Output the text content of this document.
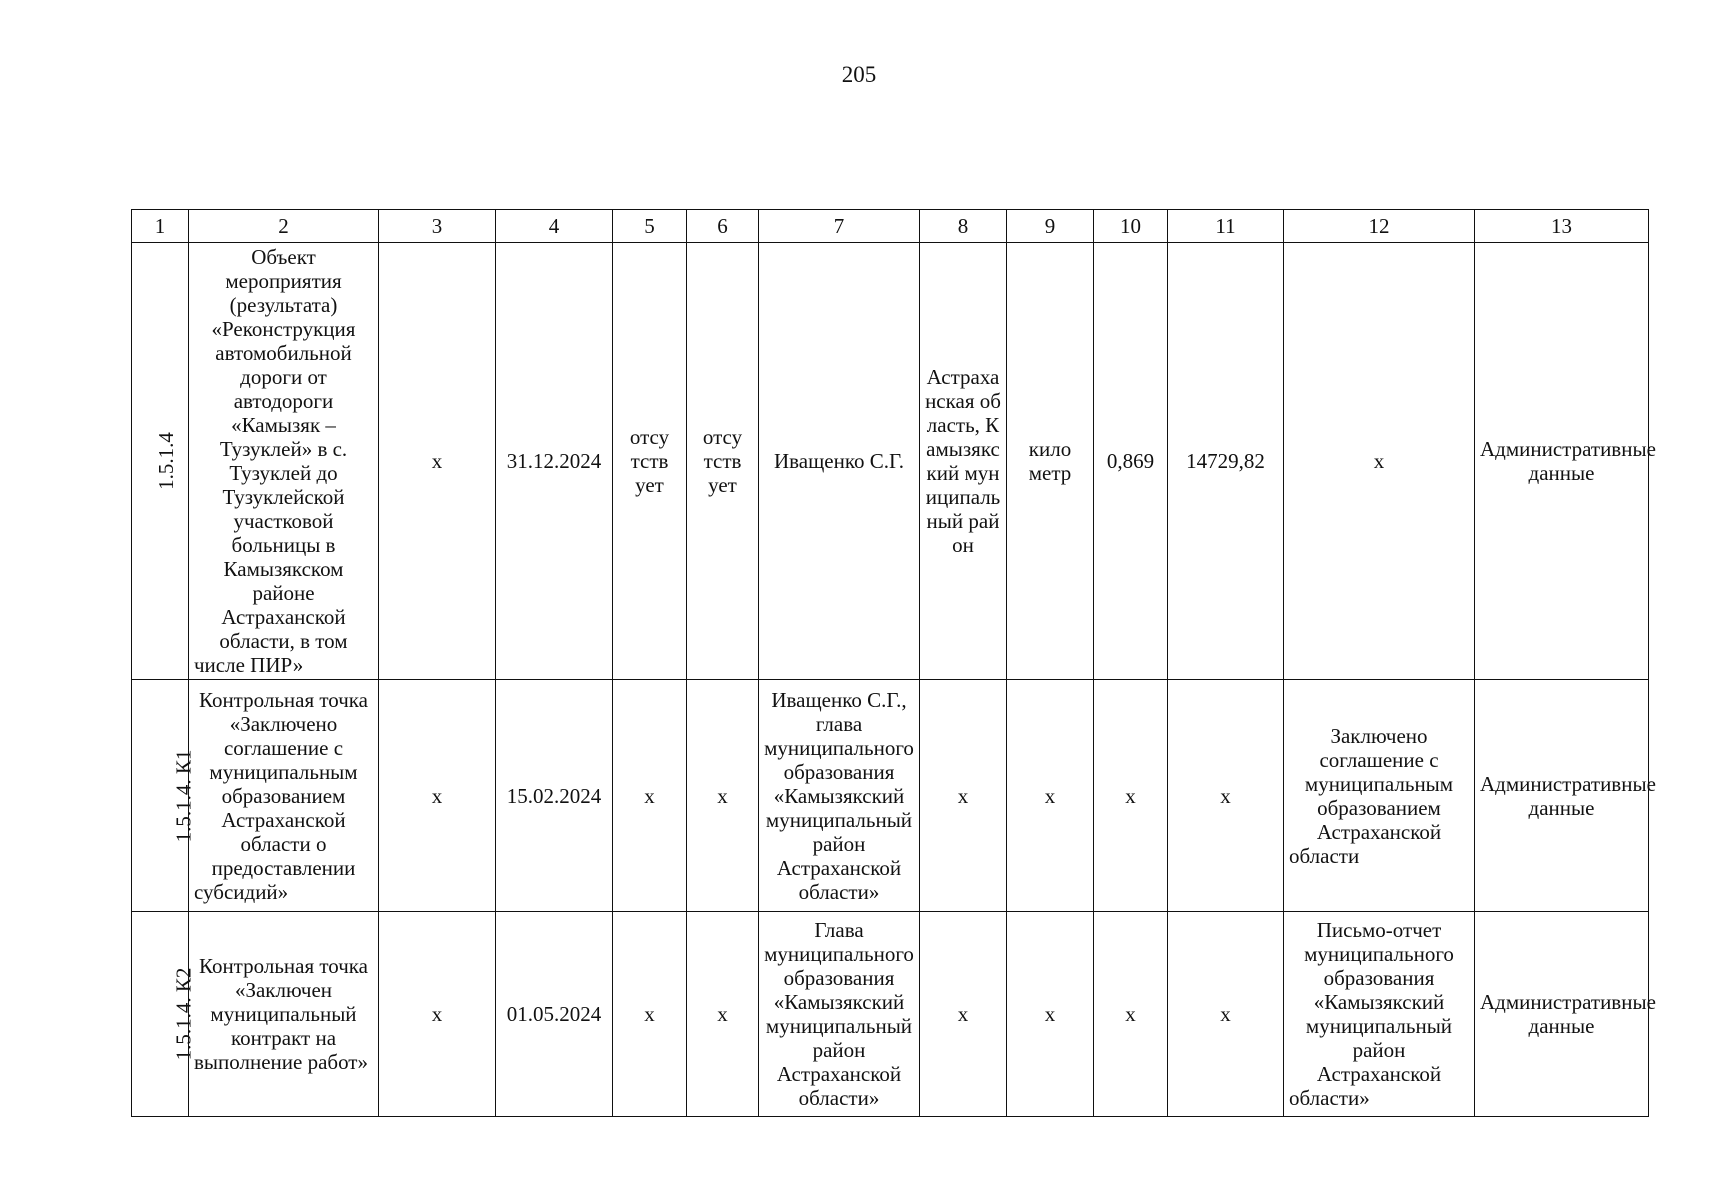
205
1	2	3	4	5	6	7	8	9	10	11	12	13
1.5.1.4	Объект мероприятия (результата) «Реконструкция автомобильной дороги от автодороги «Камызяк – Тузуклей» в с. Тузуклей до Тузуклейской участковой больницы в Камызякском районе Астраханской области, в том числе ПИР»	х	31.12.2024	отсутствует	отсутствует	Иващенко С.Г.	Астраханская область, Камызякский муниципальный район	километр	0,869	14729,82	х	Административные данные
1.5.1.4. К1	Контрольная точка «Заключено соглашение с муниципальным образованием Астраханской области о предоставлении субсидий»	х	15.02.2024	х	х	Иващенко С.Г., глава муниципального образования «Камызякский муниципальный район Астраханской области»	х	х	х	х	Заключено соглашение с муниципальным образованием Астраханской области	Административные данные
1.5.1.4. К2	Контрольная точка «Заключен муниципальный контракт на выполнение работ»	х	01.05.2024	х	х	Глава муниципального образования «Камызякский муниципальный район Астраханской области»	х	х	х	х	Письмо-отчет муниципального образования «Камызякский муниципальный район Астраханской области»	Административные данные
